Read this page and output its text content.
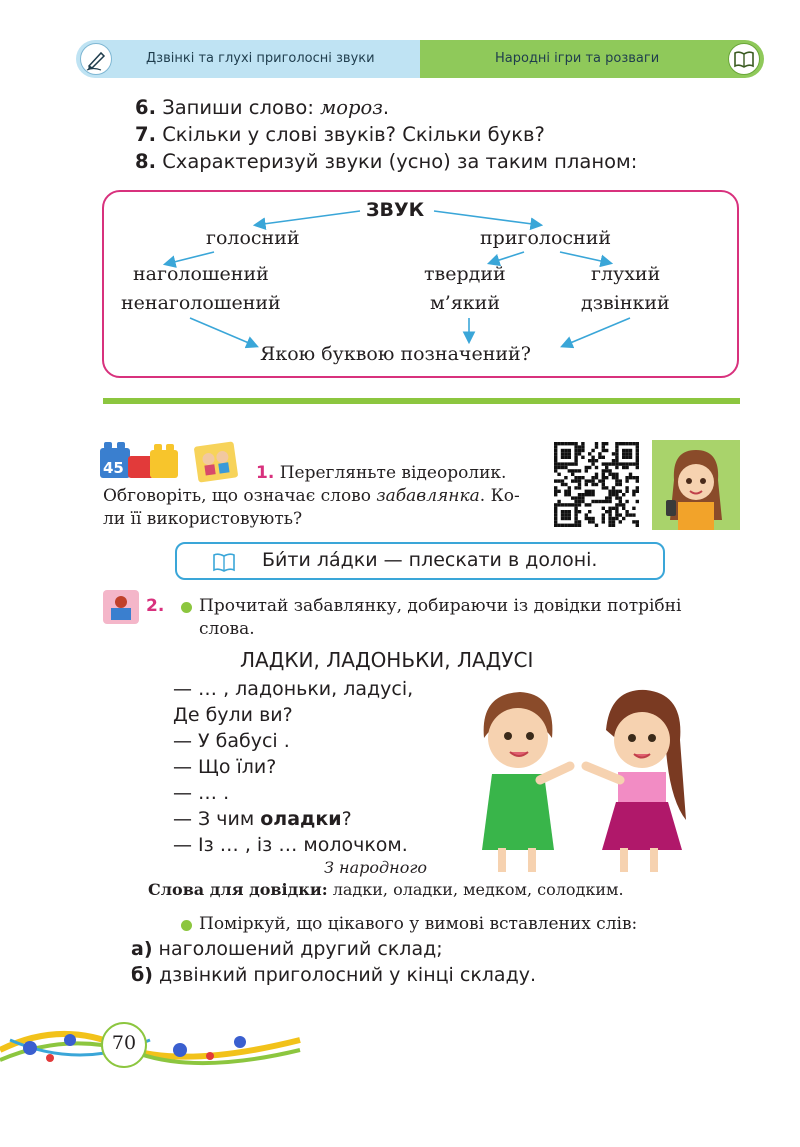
Дзвінкі та глухі приголосні звуки	Народні ігри та розваги
6. Запиши слово: мороз.
7. Скільки у слові звуків? Скільки букв?
8. Схарактеризуй звуки (усно) за таким планом:
ЗВУК
голосний	приголосний
наголошений
ненаголошений
твердий
м’який
глухий
дзвінкий
Якою буквою позначений?
45	1. Перегляньте відеоролик.
Обговоріть, що означає слово забавлянка. Ко-
ли її використовують?
Би́ти ла́дки — плескати в долоні.
2. Прочитай забавлянку, добираючи із довідки потрібні
слова.
ЛАДКИ, ЛАДОНЬКИ, ЛАДУСІ
— … , ладоньки, ладусі,
Де були ви?
— У бабусі .
— Що їли?
— … .
— З чим оладки?
— Із … , із … молочком.
З народного
Слова для довідки: ладки, оладки, медком, солодким.
Поміркуй, що цікавого у вимові вставлених слів:
а) наголошений другий склад;
б) дзвінкий приголосний у кінці складу.
70
